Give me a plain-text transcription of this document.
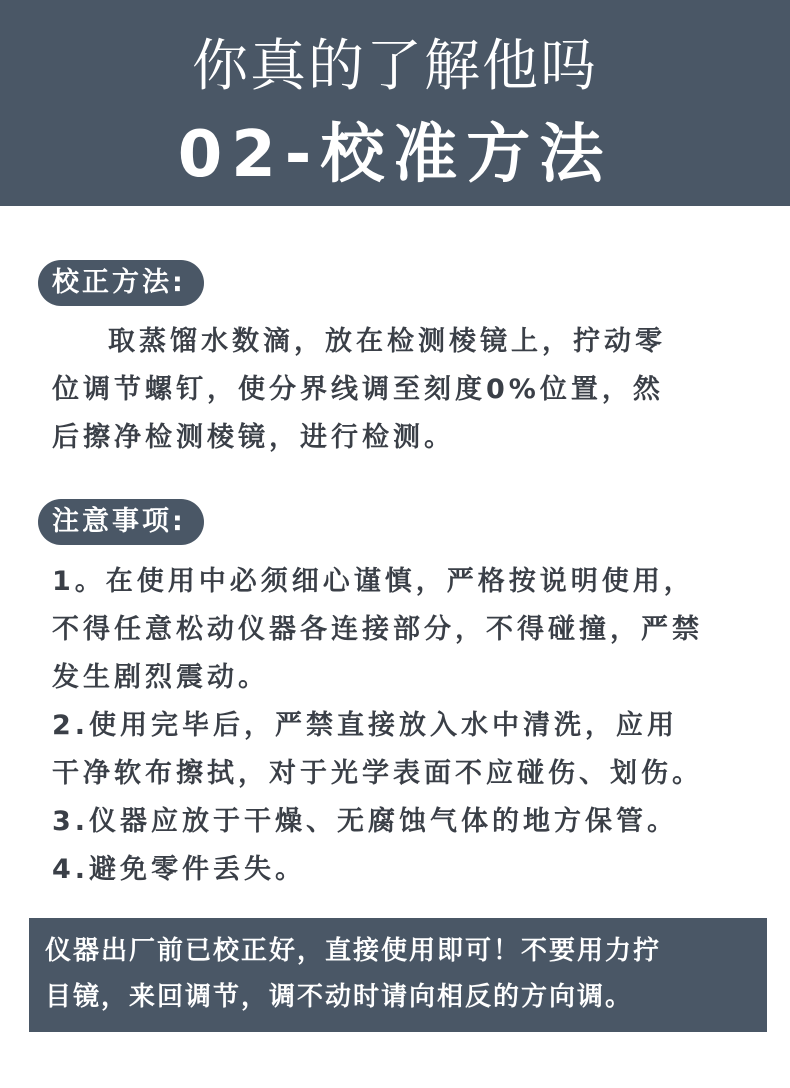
你真的了解他吗
02-校准方法
校正方法:
取蒸馏水数滴，放在检测棱镜上，拧动零
位调节螺钉，使分界线调至刻度0%位置，然
后擦净检测棱镜，进行检测。
注意事项:
1。在使用中必须细心谨慎，严格按说明使用，
不得任意松动仪器各连接部分，不得碰撞，严禁
发生剧烈震动。
2.使用完毕后，严禁直接放入水中清洗，应用
干净软布擦拭，对于光学表面不应碰伤、划伤。
3.仪器应放于干燥、无腐蚀气体的地方保管。
4.避免零件丢失。
仪器出厂前已校正好，直接使用即可！不要用力拧
目镜，来回调节，调不动时请向相反的方向调。
